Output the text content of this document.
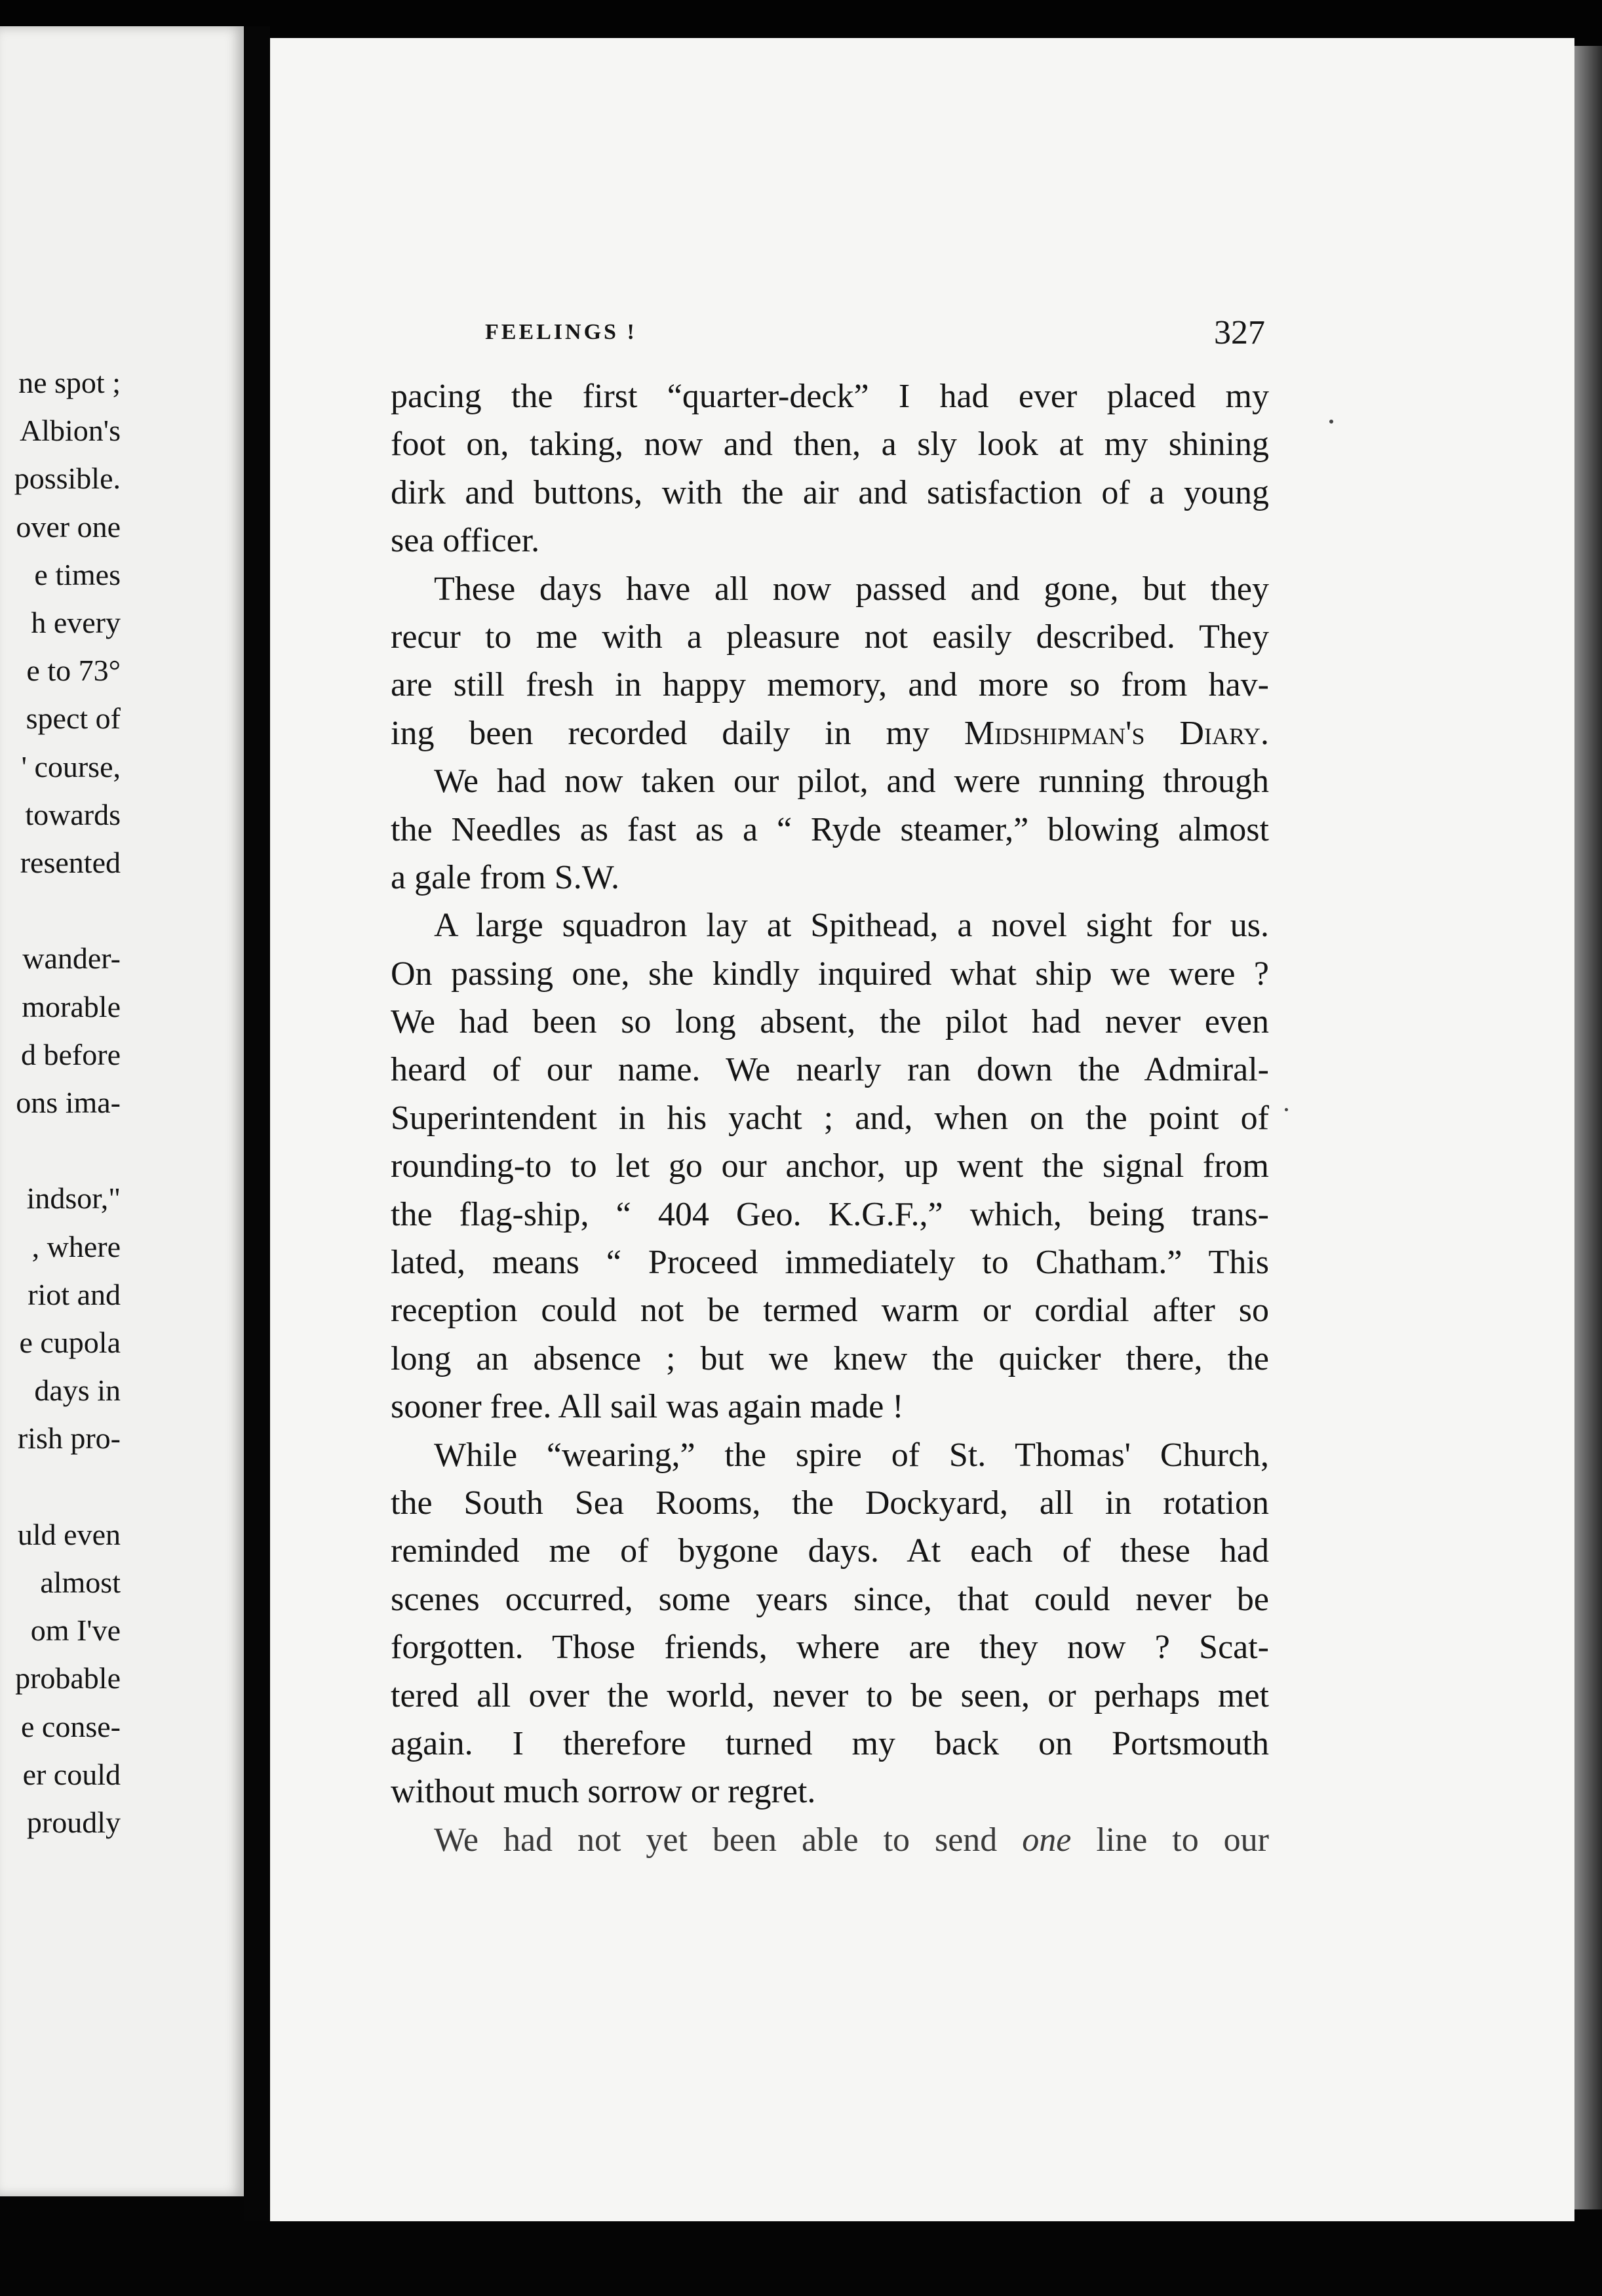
ne spot ;
Albion's
possible.
over one
e times
h every
e to 73°
spect of
' course,
towards
resented
wander-
morable
d before
ons ima-
indsor,"
, where
riot and
e cupola
days in
rish pro-
uld even
almost
om I've
probable
e conse-
er could
proudly
FEELINGS !	327
pacing the first “quarter-deck” I had ever placed my
foot on, taking, now and then, a sly look at my shining
dirk and buttons, with the air and satisfaction of a young
sea officer.
These days have all now passed and gone, but they
recur to me with a pleasure not easily described. They
are still fresh in happy memory, and more so from hav-
ing been recorded daily in my Midshipman's Diary.
We had now taken our pilot, and were running through
the Needles as fast as a “ Ryde steamer,” blowing almost
a gale from S.W.
A large squadron lay at Spithead, a novel sight for us.
On passing one, she kindly inquired what ship we were ?
We had been so long absent, the pilot had never even
heard of our name. We nearly ran down the Admiral-
Superintendent in his yacht ; and, when on the point of
rounding-to to let go our anchor, up went the signal from
the flag-ship, “ 404 Geo. K.G.F.,” which, being trans-
lated, means “ Proceed immediately to Chatham.” This
reception could not be termed warm or cordial after so
long an absence ; but we knew the quicker there, the
sooner free. All sail was again made !
While “wearing,” the spire of St. Thomas' Church,
the South Sea Rooms, the Dockyard, all in rotation
reminded me of bygone days. At each of these had
scenes occurred, some years since, that could never be
forgotten. Those friends, where are they now ? Scat-
tered all over the world, never to be seen, or perhaps met
again. I therefore turned my back on Portsmouth
without much sorrow or regret.
We had not yet been able to send one line to our
